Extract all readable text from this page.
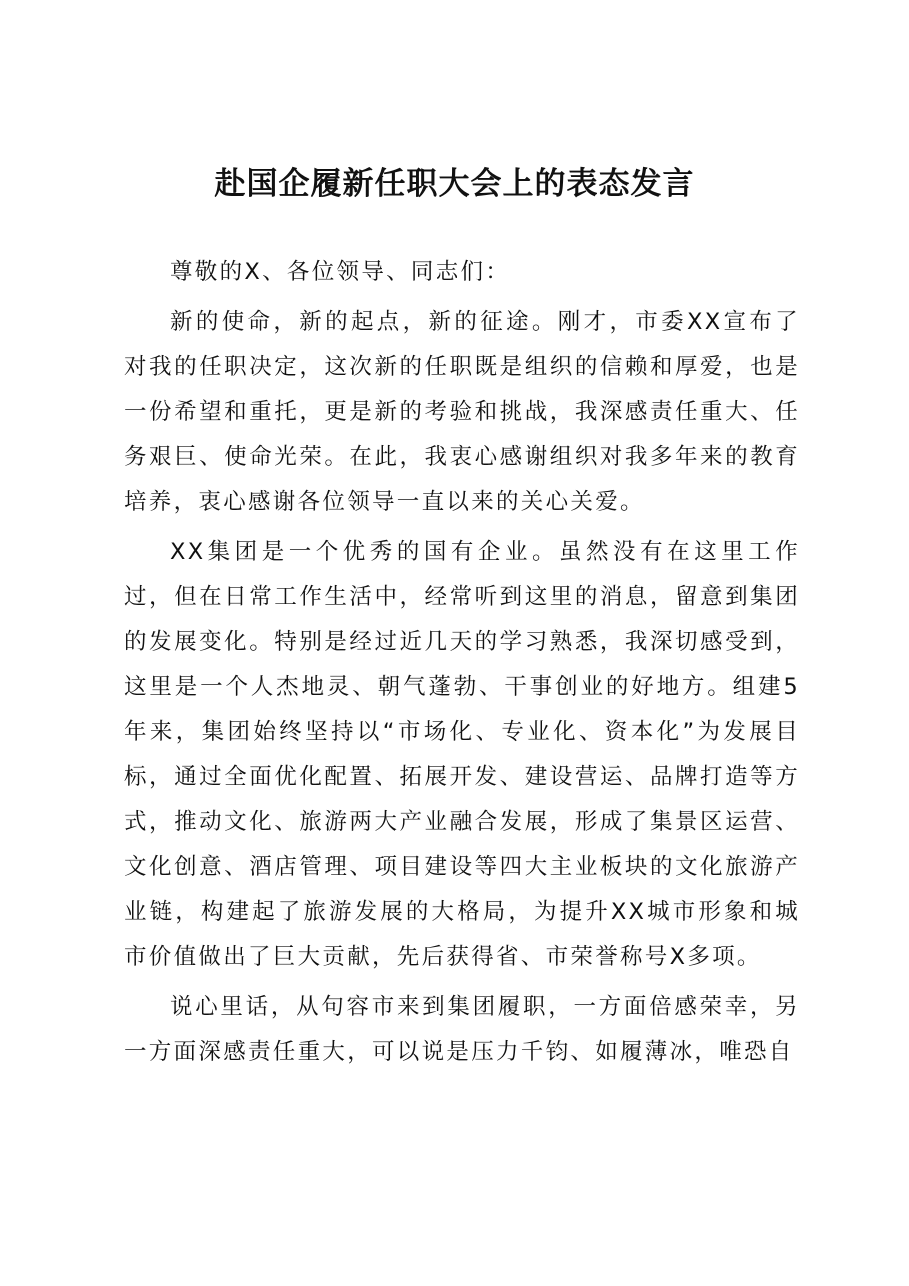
赴国企履新任职大会上的表态发言

尊敬的X、各位领导、同志们：

新的使命，新的起点，新的征途。刚才，市委XX宣布了对我的任职决定，这次新的任职既是组织的信赖和厚爱，也是一份希望和重托，更是新的考验和挑战，我深感责任重大、任务艰巨、使命光荣。在此，我衷心感谢组织对我多年来的教育培养，衷心感谢各位领导一直以来的关心关爱。

XX集团是一个优秀的国有企业。虽然没有在这里工作过，但在日常工作生活中，经常听到这里的消息，留意到集团的发展变化。特别是经过近几天的学习熟悉，我深切感受到，这里是一个人杰地灵、朝气蓬勃、干事创业的好地方。组建5年来，集团始终坚持以“市场化、专业化、资本化”为发展目标，通过全面优化配置、拓展开发、建设营运、品牌打造等方式，推动文化、旅游两大产业融合发展，形成了集景区运营、文化创意、酒店管理、项目建设等四大主业板块的文化旅游产业链，构建起了旅游发展的大格局，为提升XX城市形象和城市价值做出了巨大贡献，先后获得省、市荣誉称号X多项。

说心里话，从句容市来到集团履职，一方面倍感荣幸，另一方面深感责任重大，可以说是压力千钧、如履薄冰，唯恐自
